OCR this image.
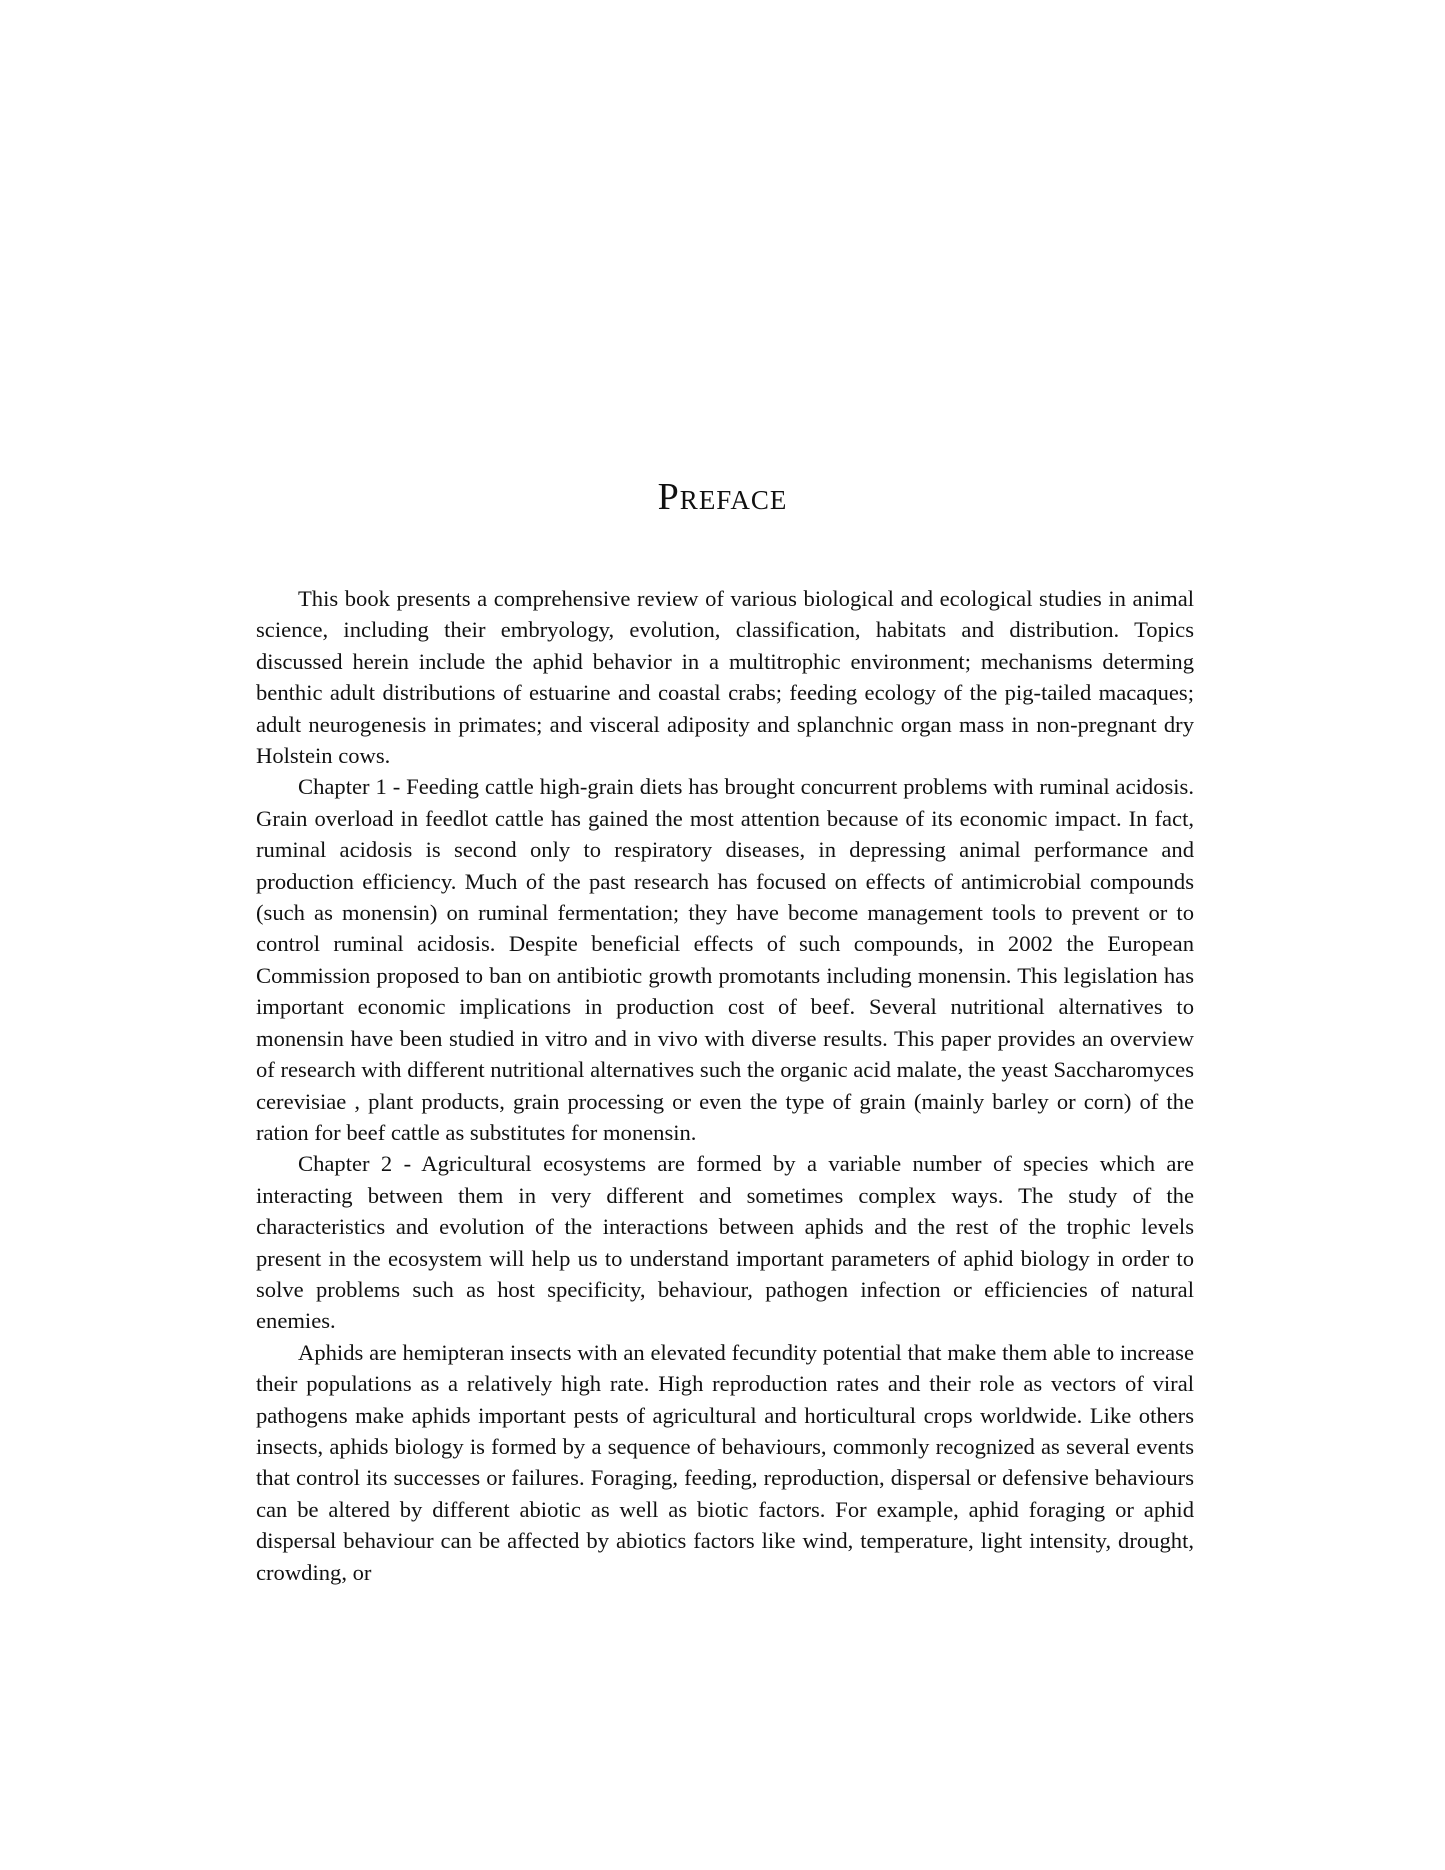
Preface

This book presents a comprehensive review of various biological and ecological studies in animal science, including their embryology, evolution, classification, habitats and distribution. Topics discussed herein include the aphid behavior in a multitrophic environment; mechanisms determing benthic adult distributions of estuarine and coastal crabs; feeding ecology of the pig-tailed macaques; adult neurogenesis in primates; and visceral adiposity and splanchnic organ mass in non-pregnant dry Holstein cows.

Chapter 1 - Feeding cattle high-grain diets has brought concurrent problems with ruminal acidosis. Grain overload in feedlot cattle has gained the most attention because of its economic impact. In fact, ruminal acidosis is second only to respiratory diseases, in depressing animal performance and production efficiency. Much of the past research has focused on effects of antimicrobial compounds (such as monensin) on ruminal fermentation; they have become management tools to prevent or to control ruminal acidosis. Despite beneficial effects of such compounds, in 2002 the European Commission proposed to ban on antibiotic growth promotants including monensin. This legislation has important economic implications in production cost of beef. Several nutritional alternatives to monensin have been studied in vitro and in vivo with diverse results. This paper provides an overview of research with different nutritional alternatives such the organic acid malate, the yeast Saccharomyces cerevisiae , plant products, grain processing or even the type of grain (mainly barley or corn) of the ration for beef cattle as substitutes for monensin.

Chapter 2 - Agricultural ecosystems are formed by a variable number of species which are interacting between them in very different and sometimes complex ways. The study of the characteristics and evolution of the interactions between aphids and the rest of the trophic levels present in the ecosystem will help us to understand important parameters of aphid biology in order to solve problems such as host specificity, behaviour, pathogen infection or efficiencies of natural enemies.

Aphids are hemipteran insects with an elevated fecundity potential that make them able to increase their populations as a relatively high rate. High reproduction rates and their role as vectors of viral pathogens make aphids important pests of agricultural and horticultural crops worldwide. Like others insects, aphids biology is formed by a sequence of behaviours, commonly recognized as several events that control its successes or failures. Foraging, feeding, reproduction, dispersal or defensive behaviours can be altered by different abiotic as well as biotic factors. For example, aphid foraging or aphid dispersal behaviour can be affected by abiotics factors like wind, temperature, light intensity, drought, crowding, or
